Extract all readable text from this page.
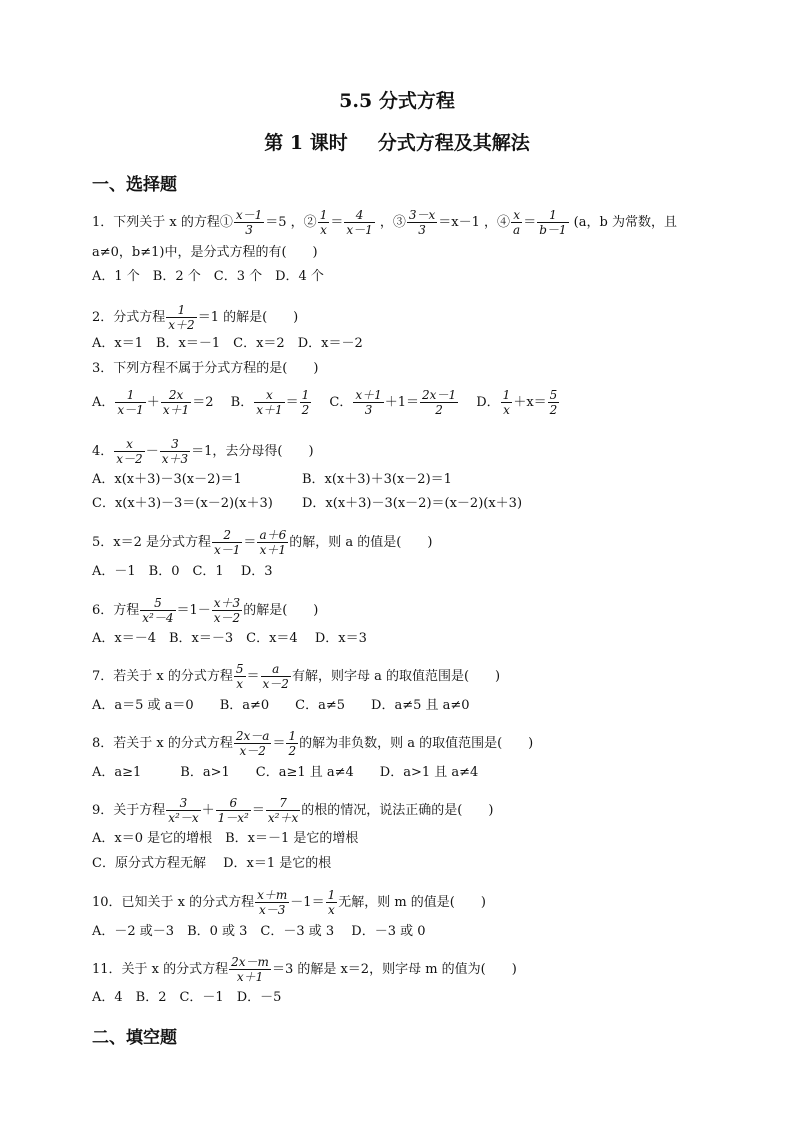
5.5 分式方程
第 1 课时 分式方程及其解法
一、选择题
1．下列关于 x 的方程① $\frac{x-1}{3} =5$ ，② $\frac{1}{x} = \frac{4}{x-1}$ ，③ $\frac{3-x}{3} =x-1$ ，④ $\frac{x}{a} = \frac{1}{b-1} (a$，b 为常数，且
a≠0，b≠1)中，是分式方程的有(　　)
A．1 个　B．2 个　C．3 个　D．4 个
2．分式方程 $\frac{1}{x+2} =1$ 的解是(　　)
A．x＝1　B．x＝－1　C．x＝2　D．x＝－2
3．下列方程不属于分式方程的是(　　)
A． $\frac{1}{x-1} + \frac{2x}{x+1} =2$　 B． $\frac{x}{x+1} = \frac{1}{2}$
　 C． $\frac{x+1}{3} +1= \frac{2x-1}{2}$
　 D． $\frac{1}{x} +x= \frac{5}{2}$
4． $\frac{x}{x-2} - \frac{3}{x+3} =1$，去分母得(　　)
A．x(x＋3)－3(x－2)＝1	B．x(x＋3)＋3(x－2)＝1
C．x(x＋3)－3＝(x－2)(x＋3) D．x(x＋3)－3(x－2)＝(x－2)(x＋3)
5．x＝2 是分式方程 $\frac{2}{x-1} = \frac{a+6}{x+1}$ 的解，则 a 的值是(　　)
A．－1　B．0　C．1　 D．3
6．方程 $\frac{5}{\text{x²－4}} =1- \frac{x+3}{x-2}$ 的解是(　　)
A．x＝－4　B．x＝－3　C．x＝4　 D．x＝3
7．若关于 x 的分式方程 $\frac{5}{x} = \frac{a}{x-2}$ 有解，则字母 a 的取值范围是(　　)
A．a＝5 或 a＝0　　B．a≠0　　C．a≠5　　D．a≠5 且 a≠0
8．若关于 x 的分式方程 $\frac{2x-a}{x-2} = \frac{1}{2}$ 的解为非负数，则 a 的取值范围是(　　)
A．a≥1　　　B．a>1　　C．a≥1 且 a≠4　　D．a>1 且 a≠4
9．关于方程 $\frac{3}{\text{x²－x}} + \frac{6}{\text{1－x²}} = \frac{7}{\text{x²＋x}}$ 的根的情况，说法正确的是(　　)
A．x＝0 是它的增根　B．x＝－1 是它的增根
C．原分式方程无解　 D．x＝1 是它的根
10．已知关于 x 的分式方程 $\frac{x+m}{x-3} -1= \frac{1}{x}$ 无解，则 m 的值是(　　)
A．－2 或－3　B．0 或 3　C．－3 或 3　 D．－3 或 0
11．关于 x 的分式方程 $\frac{2x-m}{x+1} =3$ 的解是 x＝2，则字母 m 的值为(　　)
A．4　B．2　C．－1　D．－5
二、填空题
